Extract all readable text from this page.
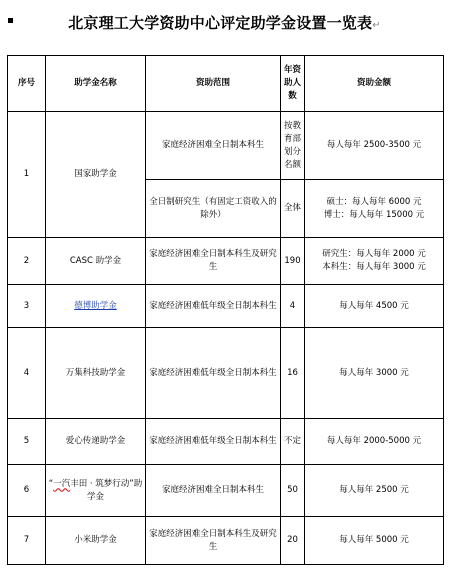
北京理工大学资助中心评定助学金设置一览表↵
序号	助学金名称	资助范围	年资助人数	资助金额
1	国家助学金	家庭经济困难全日制本科生	按教育部划分名额	每人每年 2500-3500 元
		全日制研究生（有固定工资收入的除外）	全体	硕士：每人每年 6000 元
博士：每人每年 15000 元

2	CASC 助学金	家庭经济困难全日制本科生及研究生	190	研究生：每人每年 2000 元
本科生：每人每年 3000 元

3	德博助学金	家庭经济困难低年级全日制本科生	4	每人每年 4500 元
4	万集科技助学金	家庭经济困难低年级全日制本科生	16	每人每年 3000 元
5	爱心传递助学金	家庭经济困难低年级全日制本科生	不定	每人每年 2000-5000 元
6	“一汽丰田 · 筑梦行动”助学金	家庭经济困难全日制本科生	50	每人每年 2500 元
7	小米助学金	家庭经济困难全日制本科生及研究生	20	每人每年 5000 元
